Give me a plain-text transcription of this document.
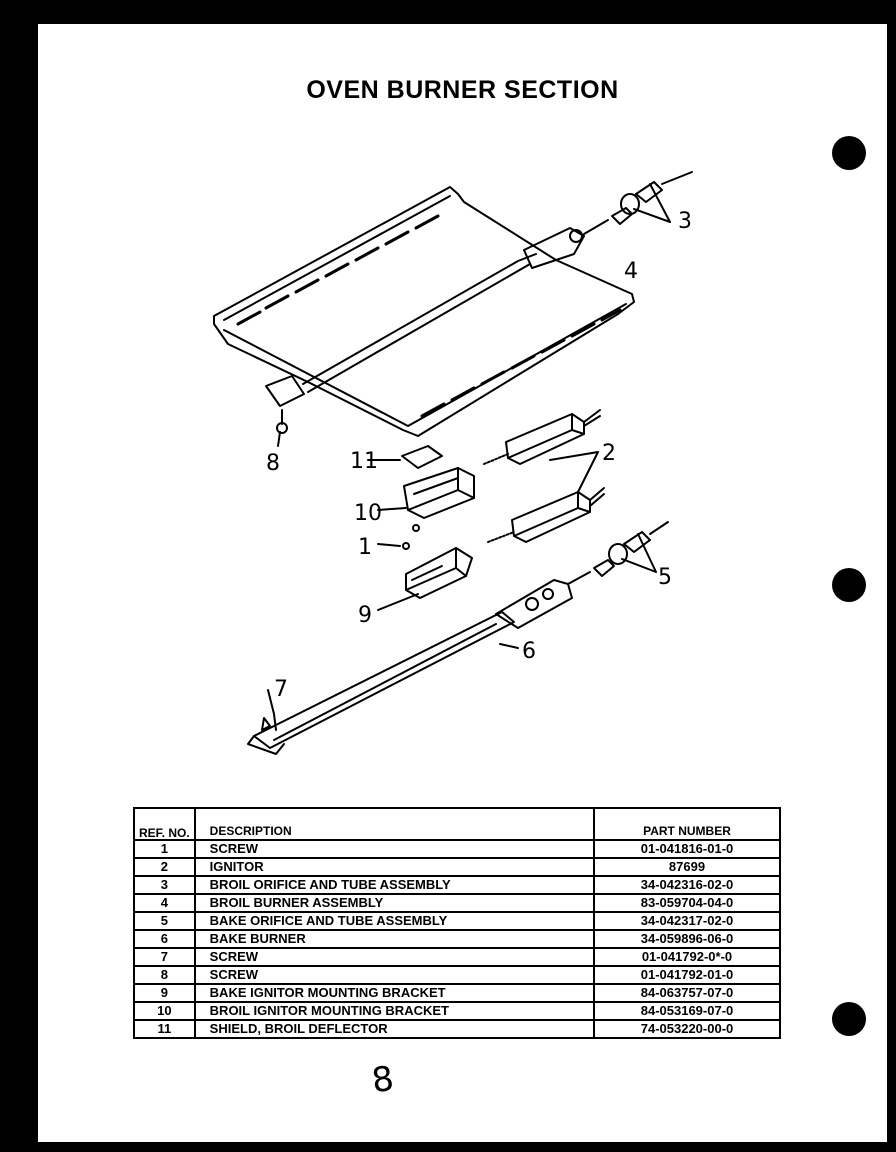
OVEN BURNER SECTION
3
4
8	11	2
10
1
5
9
6
7
REF. NO.	DESCRIPTION	PART NUMBER
1	SCREW	01-041816-01-0
2	IGNITOR	87699
3	BROIL ORIFICE AND TUBE ASSEMBLY	34-042316-02-0
4	BROIL BURNER ASSEMBLY	83-059704-04-0
5	BAKE ORIFICE AND TUBE ASSEMBLY	34-042317-02-0
6	BAKE BURNER	34-059896-06-0
7	SCREW	01-041792-0*-0
8	SCREW	01-041792-01-0
9	BAKE IGNITOR MOUNTING BRACKET	84-063757-07-0
10	BROIL IGNITOR MOUNTING BRACKET	84-053169-07-0
11	SHIELD, BROIL DEFLECTOR	74-053220-00-0
8
